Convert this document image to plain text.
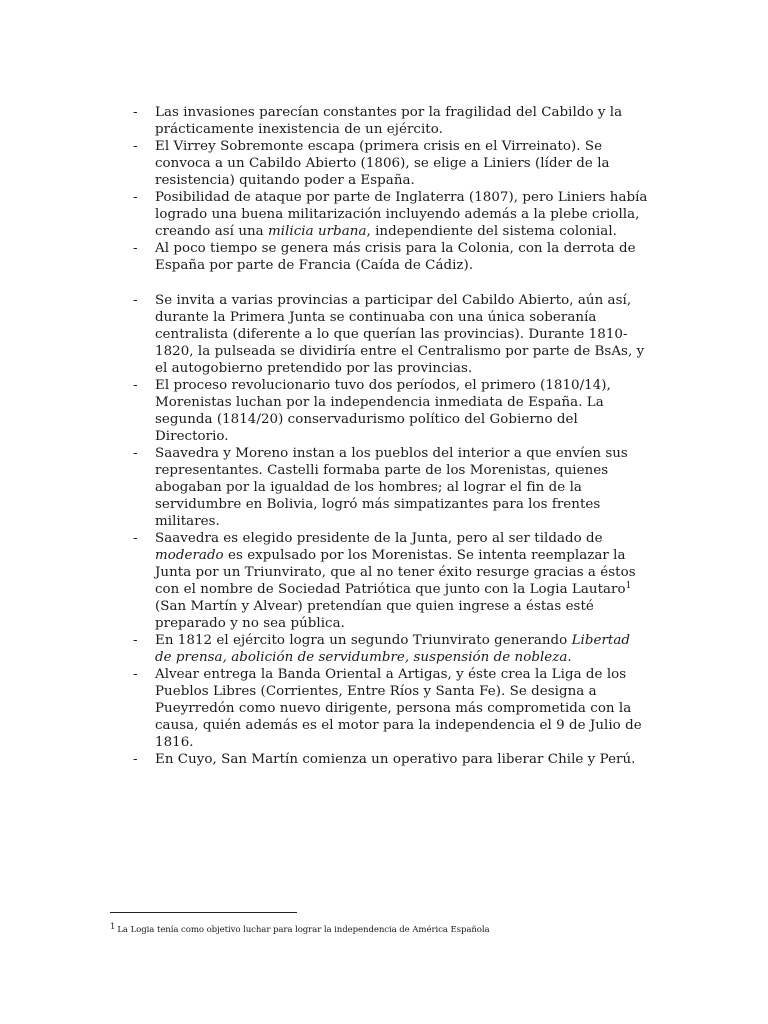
- Las invasiones parecían constantes por la fragilidad del Cabildo y la prácticamente inexistencia de un ejército.
- El Virrey Sobremonte escapa (primera crisis en el Virreinato). Se convoca a un Cabildo Abierto (1806), se elige a Liniers (líder de la resistencia) quitando poder a España.
- Posibilidad de ataque por parte de Inglaterra (1807), pero Liniers había logrado una buena militarización incluyendo además a la plebe criolla, creando así una milicia urbana, independiente del sistema colonial.
- Al poco tiempo se genera más crisis para la Colonia, con la derrota de España por parte de Francia (Caída de Cádiz).
- Se invita a varias provincias a participar del Cabildo Abierto, aún así, durante la Primera Junta se continuaba con una única soberanía centralista (diferente a lo que querían las provincias). Durante 1810-1820, la pulseada se dividiría entre el Centralismo por parte de BsAs, y el autogobierno pretendido por las provincias.
- El proceso revolucionario tuvo dos períodos, el primero (1810/14), Morenistas luchan por la independencia inmediata de España. La segunda (1814/20) conservadurismo político del Gobierno del Directorio.
- Saavedra y Moreno instan a los pueblos del interior a que envíen sus representantes. Castelli formaba parte de los Morenistas, quienes abogaban por la igualdad de los hombres; al lograr el fin de la servidumbre en Bolivia, logró más simpatizantes para los frentes militares.
- Saavedra es elegido presidente de la Junta, pero al ser tildado de moderado es expulsado por los Morenistas. Se intenta reemplazar la Junta por un Triunvirato, que al no tener éxito resurge gracias a éstos con el nombre de Sociedad Patriótica que junto con la Logia Lautaro$^1$ (San Martín y Alvear) pretendían que quien ingrese a éstas esté preparado y no sea pública.
- En 1812 el ejército logra un segundo Triunvirato generando Libertad de prensa, abolición de servidumbre, suspensión de nobleza.
- Alvear entrega la Banda Oriental a Artigas, y éste crea la Liga de los Pueblos Libres (Corrientes, Entre Ríos y Santa Fe). Se designa a Pueyrredón como nuevo dirigente, persona más comprometida con la causa, quién además es el motor para la independencia el 9 de Julio de 1816.
- En Cuyo, San Martín comienza un operativo para liberar Chile y Perú.
$^1$ La Logia tenía como objetivo luchar para lograr la independencia de América Española
